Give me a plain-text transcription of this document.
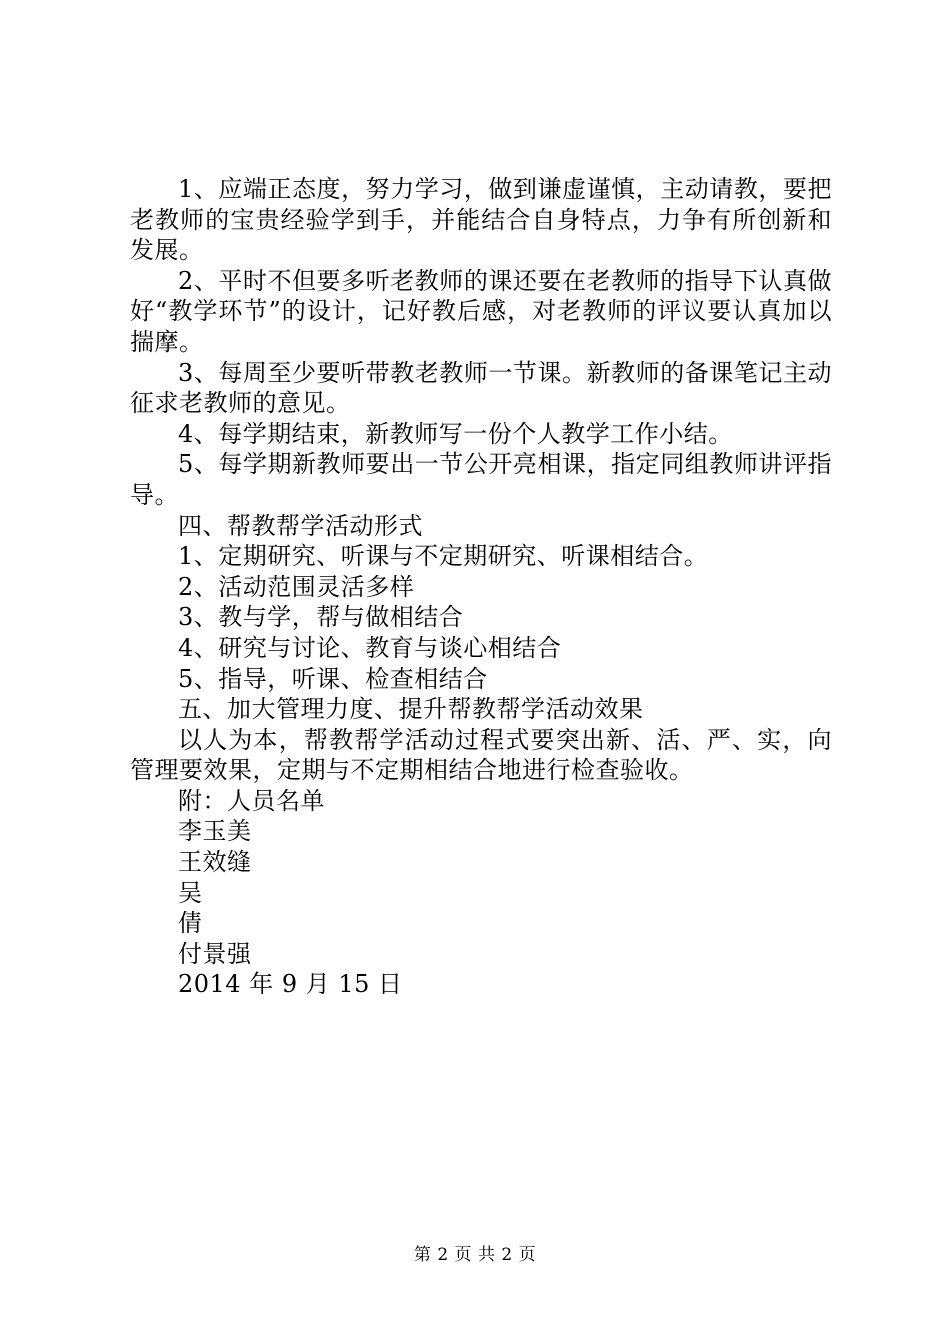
1、应端正态度，努力学习，做到谦虚谨慎，主动请教，要把老教师的宝贵经验学到手，并能结合自身特点，力争有所创新和发展。

2、平时不但要多听老教师的课还要在老教师的指导下认真做好“教学环节”的设计，记好教后感，对老教师的评议要认真加以揣摩。

3、每周至少要听带教老教师一节课。新教师的备课笔记主动征求老教师的意见。

4、每学期结束，新教师写一份个人教学工作小结。

5、每学期新教师要出一节公开亮相课，指定同组教师讲评指导。

四、帮教帮学活动形式

1、定期研究、听课与不定期研究、听课相结合。

2、活动范围灵活多样

3、教与学，帮与做相结合

4、研究与讨论、教育与谈心相结合

5、指导，听课、检查相结合

五、加大管理力度、提升帮教帮学活动效果

以人为本，帮教帮学活动过程式要突出新、活、严、实，向管理要效果，定期与不定期相结合地进行检查验收。

附：人员名单

李玉美

王效缝

吴

倩

付景强

2014 年 9 月 15 日

第 2 页 共 2 页
